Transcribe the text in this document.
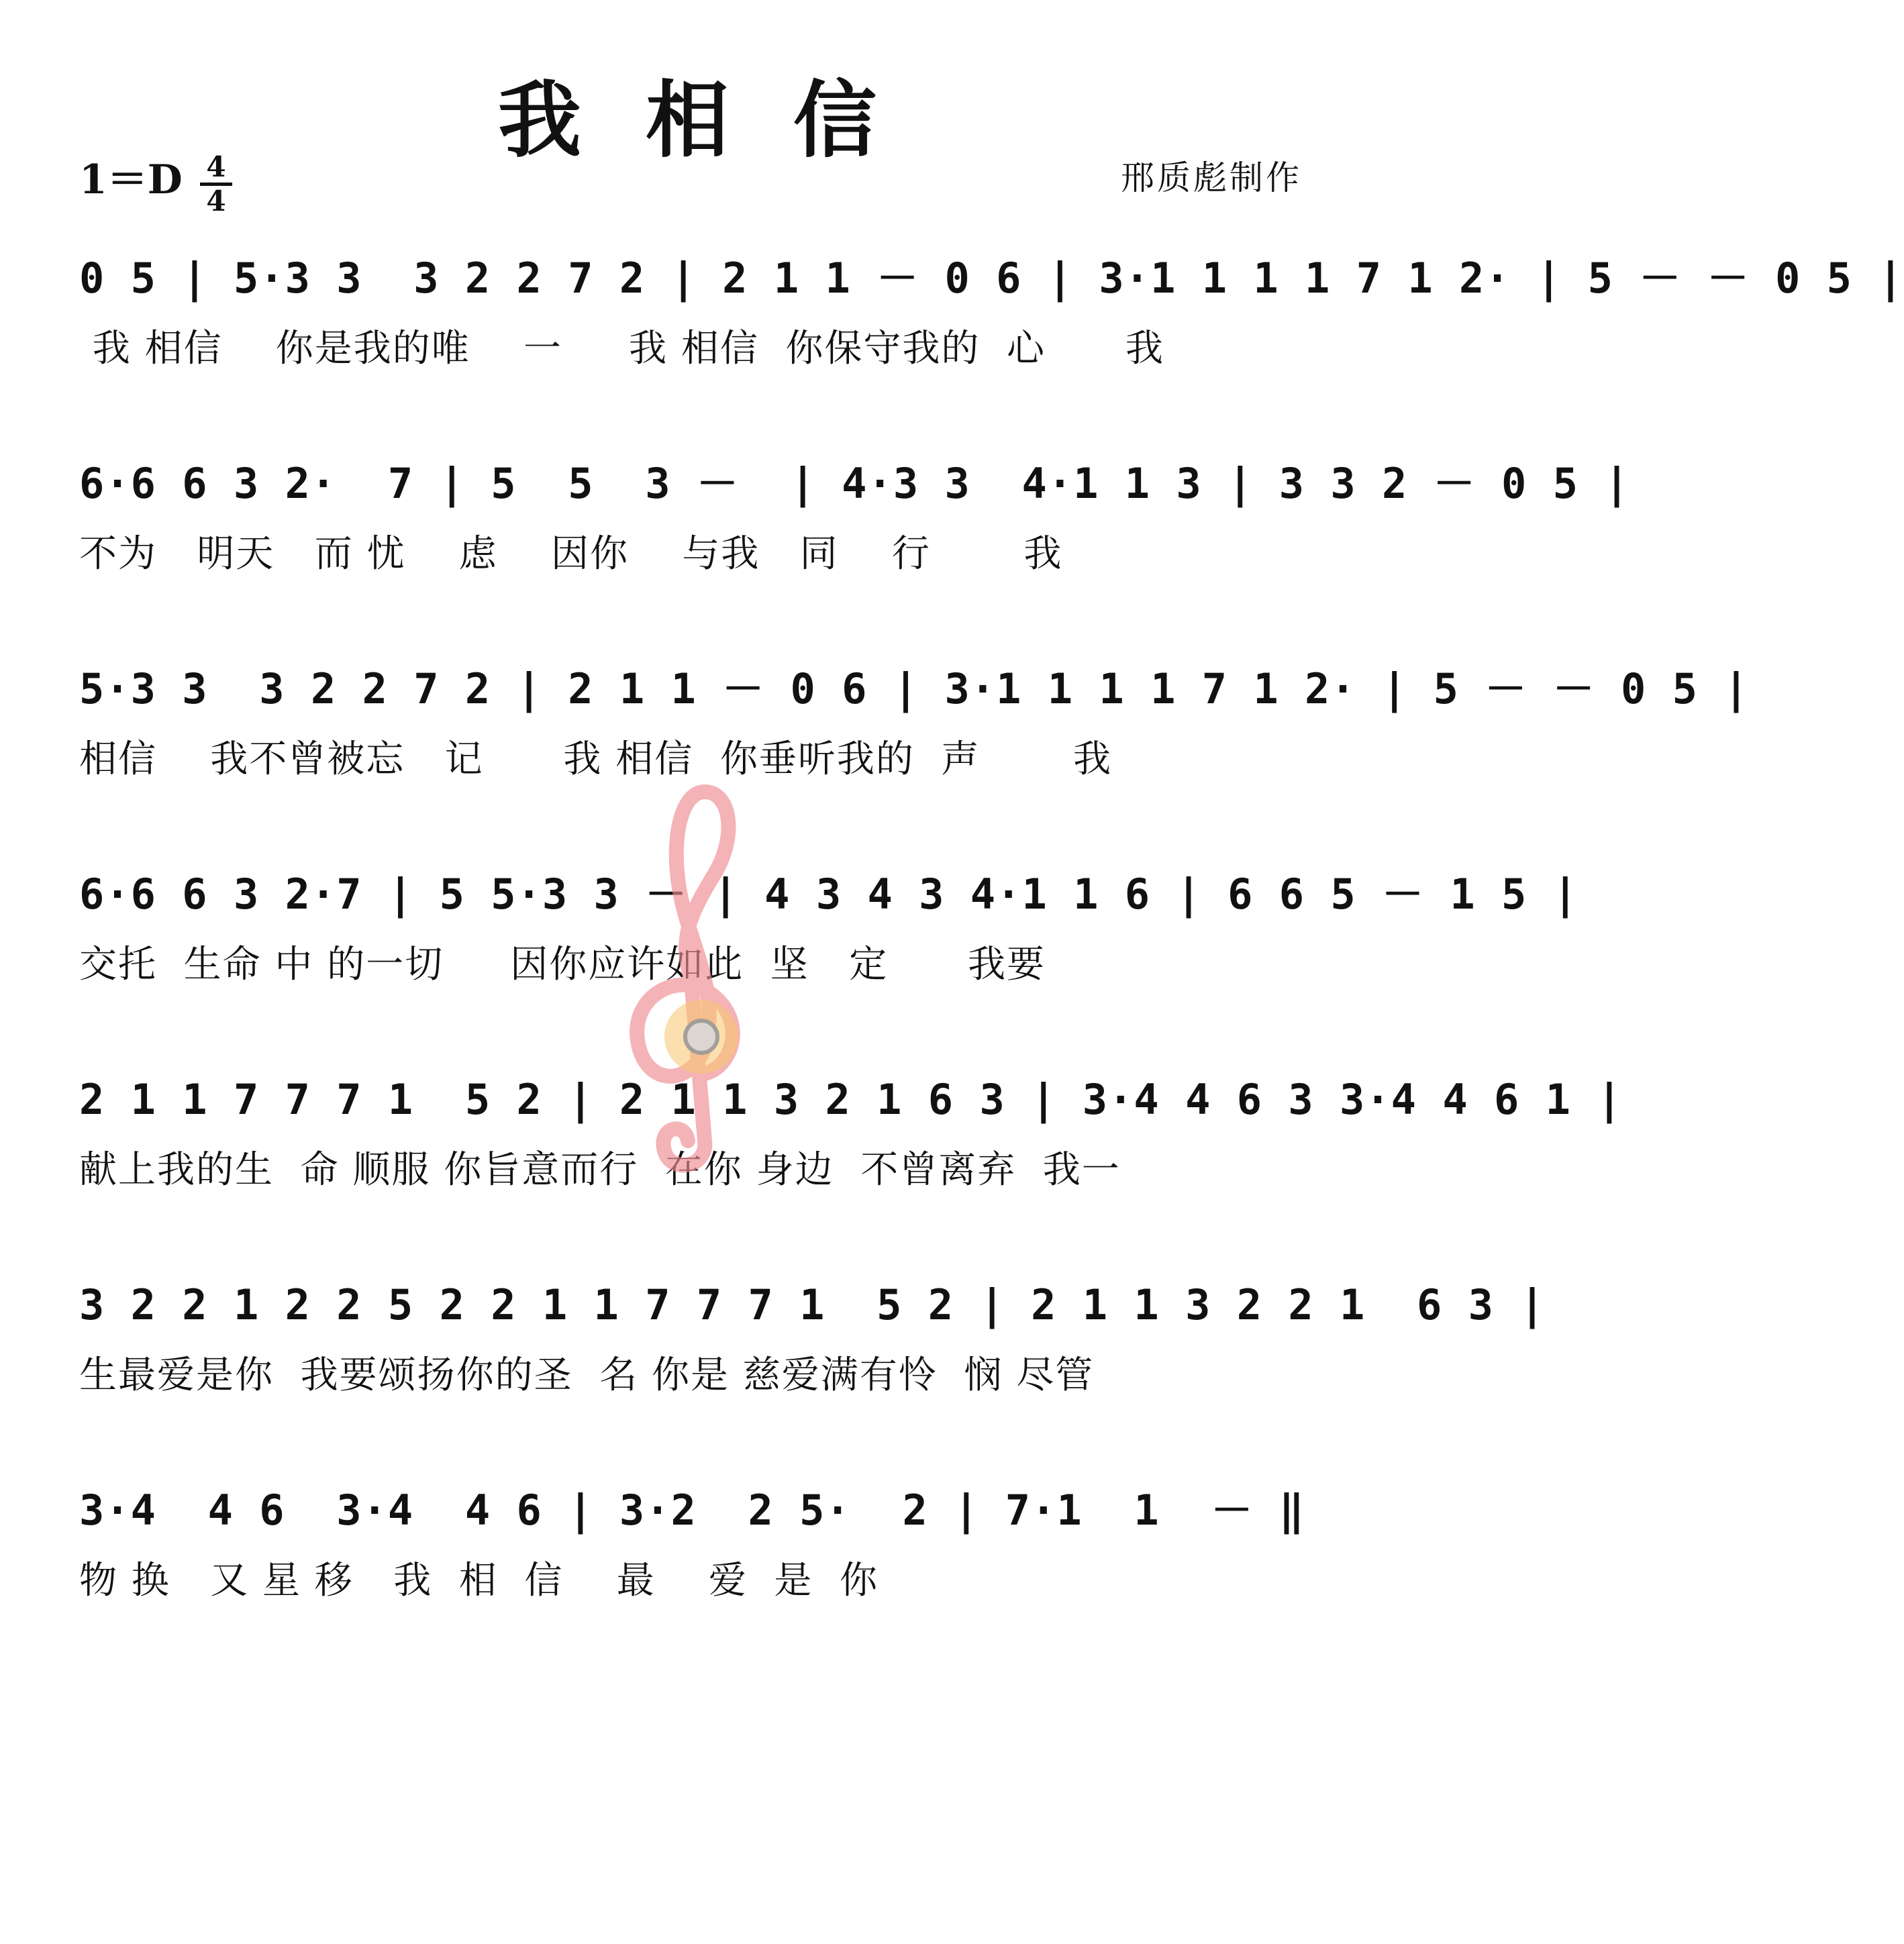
我相信
1＝D 4
4
邢质彪制作
0 5 | 5·3 3  3 2 2 7 2 | 2 1 1 － 0 6 | 3·1 1 1 1 7 1 2· | 5 － － 0 5 |
我 相信    你是我的唯    一     我 相信  你保守我的  心      我
6·6 6 3 2·  7 | 5  5  3 －  | 4·3 3  4·1 1 3 | 3 3 2 － 0 5 |
不为   明天   而 忧    虑    因你    与我   同    行       我
5·3 3  3 2 2 7 2 | 2 1 1 － 0 6 | 3·1 1 1 1 7 1 2· | 5 － － 0 5 |
相信    我不曾被忘   记      我 相信  你垂听我的  声       我
6·6 6 3 2·7 | 5 5·3 3 － | 4 3 4 3 4·1 1 6 | 6 6 5 － 1 5 |
交托  生命 中 的一切     因你应许如此  坚   定      我要
2 1 1 7 7 7 1  5 2 | 2 1 1 3 2 1 6 3 | 3·4 4 6 3 3·4 4 6 1 |
献上我的生  命 顺服 你旨意而行  在你 身边  不曾离弃  我一
3 2 2 1 2 2 5 2 2 1 1 7 7 7 1  5 2 | 2 1 1 3 2 2 1  6 3 |
生最爱是你  我要颂扬你的圣  名 你是 慈爱满有怜  悯 尽管
3·4  4 6  3·4  4 6 | 3·2  2 5·  2 | 7·1  1  － ‖
物 换   又 星 移   我  相  信    最    爱  是  你
